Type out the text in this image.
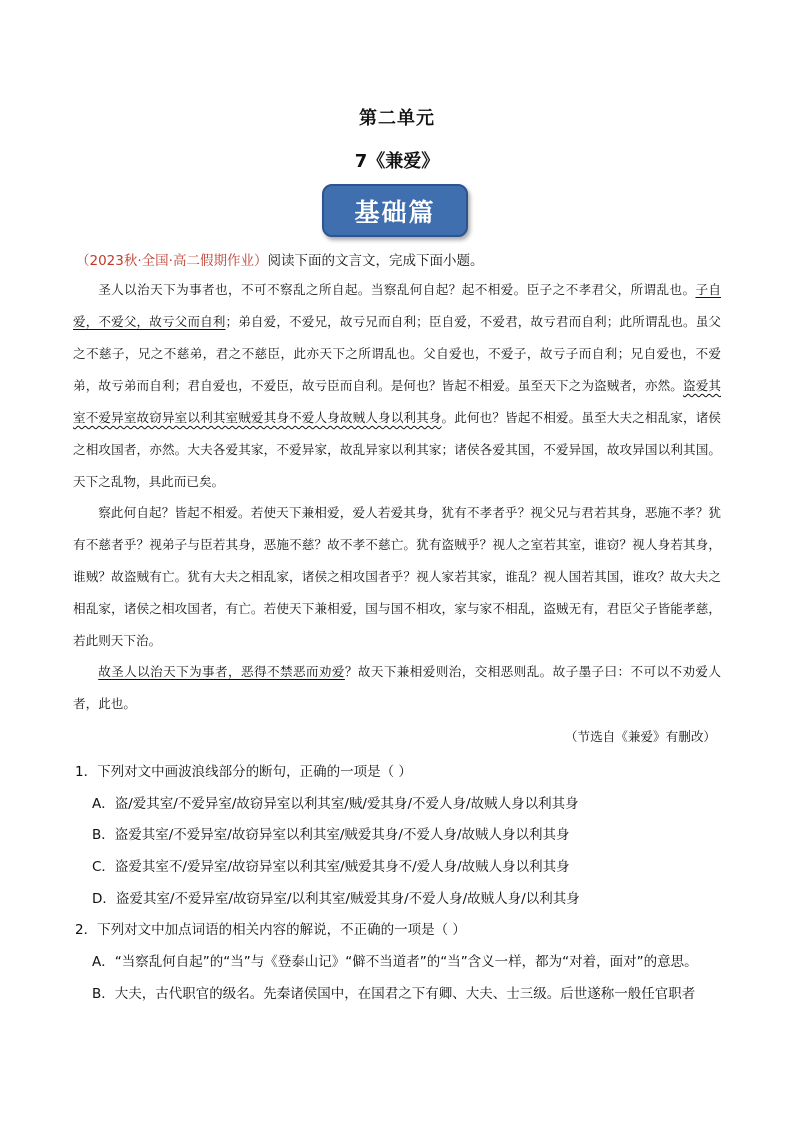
第二单元
7《兼爱》
基础篇
（2023秋·全国·高二假期作业）阅读下面的文言文，完成下面小题。

圣人以治天下为事者也，不可不察乱之所自起。当察乱何自起？起不相爱。臣子之不孝君父，所谓乱也。子自爱，不爱父，故亏父而自利；弟自爱，不爱兄，故亏兄而自利；臣自爱，不爱君，故亏君而自利；此所谓乱也。虽父之不慈子，兄之不慈弟，君之不慈臣，此亦天下之所谓乱也。父自爱也，不爱子，故亏子而自利；兄自爱也，不爱弟，故亏弟而自利；君自爱也，不爱臣，故亏臣而自利。是何也？皆起不相爱。虽至天下之为盗贼者，亦然。盗爱其室不爱异室故窃异室以利其室贼爱其身不爱人身故贼人身以利其身。此何也？皆起不相爱。虽至大夫之相乱家，诸侯之相攻国者，亦然。大夫各爱其家，不爱异家，故乱异家以利其家；诸侯各爱其国，不爱异国，故攻异国以利其国。天下之乱物，具此而已矣。

察此何自起？皆起不相爱。若使天下兼相爱，爱人若爱其身，犹有不孝者乎？视父兄与君若其身，恶施不孝？犹有不慈者乎？视弟子与臣若其身，恶施不慈？故不孝不慈亡。犹有盗贼乎？视人之室若其室，谁窃？视人身若其身，谁贼？故盗贼有亡。犹有大夫之相乱家，诸侯之相攻国者乎？视人家若其家，谁乱？视人国若其国，谁攻？故大夫之相乱家，诸侯之相攻国者，有亡。若使天下兼相爱，国与国不相攻，家与家不相乱，盗贼无有，君臣父子皆能孝慈，若此则天下治。

故圣人以治天下为事者，恶得不禁恶而劝爱？故天下兼相爱则治，交相恶则乱。故子墨子曰：不可以不劝爱人者，此也。

（节选自《兼爱》有删改）
1．下列对文中画波浪线部分的断句，正确的一项是（ ）
A．盗/爱其室/不爱异室/故窃异室以利其室/贼/爱其身/不爱人身/故贼人身以利其身
B．盗爱其室/不爱异室/故窃异室以利其室/贼爱其身/不爱人身/故贼人身以利其身
C．盗爱其室不/爱异室/故窃异室以利其室/贼爱其身不/爱人身/故贼人身以利其身
D．盗爱其室/不爱异室/故窃异室/以利其室/贼爱其身/不爱人身/故贼人身/以利其身
2．下列对文中加点词语的相关内容的解说，不正确的一项是（ ）
A．“当察乱何自起”的“当”与《登泰山记》“僻不当道者”的“当”含义一样，都为“对着，面对”的意思。
B．大夫，古代职官的级名。先秦诸侯国中，在国君之下有卿、大夫、士三级。后世遂称一般任官职者
